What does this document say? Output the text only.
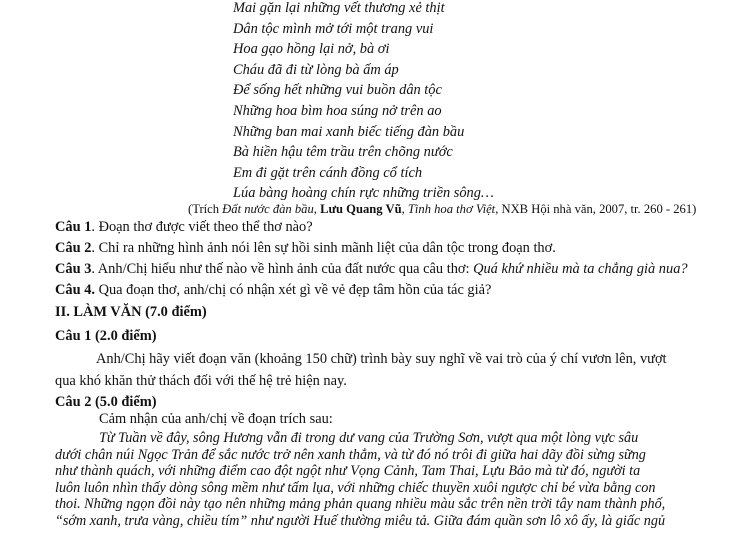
Mai gặn lại những vết thương xẻ thịt
Dân tộc mình mở tới một trang vui
Hoa gạo hồng lại nở, bà ơi
Cháu đã đi từ lòng bà ấm áp
Để sống hết những vui buồn dân tộc
Những hoa bìm hoa súng nở trên ao
Những ban mai xanh biếc tiếng đàn bầu
Bà hiền hậu têm trầu trên chõng nước
Em đi gặt trên cánh đồng cổ tích
Lúa bàng hoàng chín rực những triền sông…
(Trích Đất nước đàn bầu, Lưu Quang Vũ, Tình hoa thơ Việt, NXB Hội nhà văn, 2007, tr. 260 - 261)
Câu 1. Đoạn thơ được viết theo thể thơ nào?
Câu 2. Chỉ ra những hình ảnh nói lên sự hồi sinh mãnh liệt của dân tộc trong đoạn thơ.
Câu 3. Anh/Chị hiểu như thế nào về hình ảnh của đất nước qua câu thơ: Quá khứ nhiều mà ta chẳng già nua?
Câu 4. Qua đoạn thơ, anh/chị có nhận xét gì về vẻ đẹp tâm hồn của tác giả?
II. LÀM VĂN (7.0 điểm)
Câu 1 (2.0 điểm)
Anh/Chị hãy viết đoạn văn (khoảng 150 chữ) trình bày suy nghĩ về vai trò của ý chí vươn lên, vượt
qua khó khăn thử thách đối với thế hệ trẻ hiện nay.
Câu 2 (5.0 điểm)
Cảm nhận của anh/chị về đoạn trích sau:
Từ Tuần về đây, sông Hương vẫn đi trong dư vang của Trường Sơn, vượt qua một lòng vực sâu
dưới chân núi Ngọc Trản để sắc nước trở nên xanh thẳm, và từ đó nó trôi đi giữa hai dãy đồi sừng sững
như thành quách, với những điểm cao đột ngột như Vọng Cảnh, Tam Thai, Lựu Bảo mà từ đó, người ta
luôn luôn nhìn thấy dòng sông mềm như tấm lụa, với những chiếc thuyền xuôi ngược chỉ bé vừa bằng con
thoi. Những ngọn đồi này tạo nên những mảng phản quang nhiều màu sắc trên nền trời tây nam thành phố,
“sớm xanh, trưa vàng, chiều tím” như người Huế thường miêu tả. Giữa đám quần sơn lô xô ấy, là giấc ngủ
